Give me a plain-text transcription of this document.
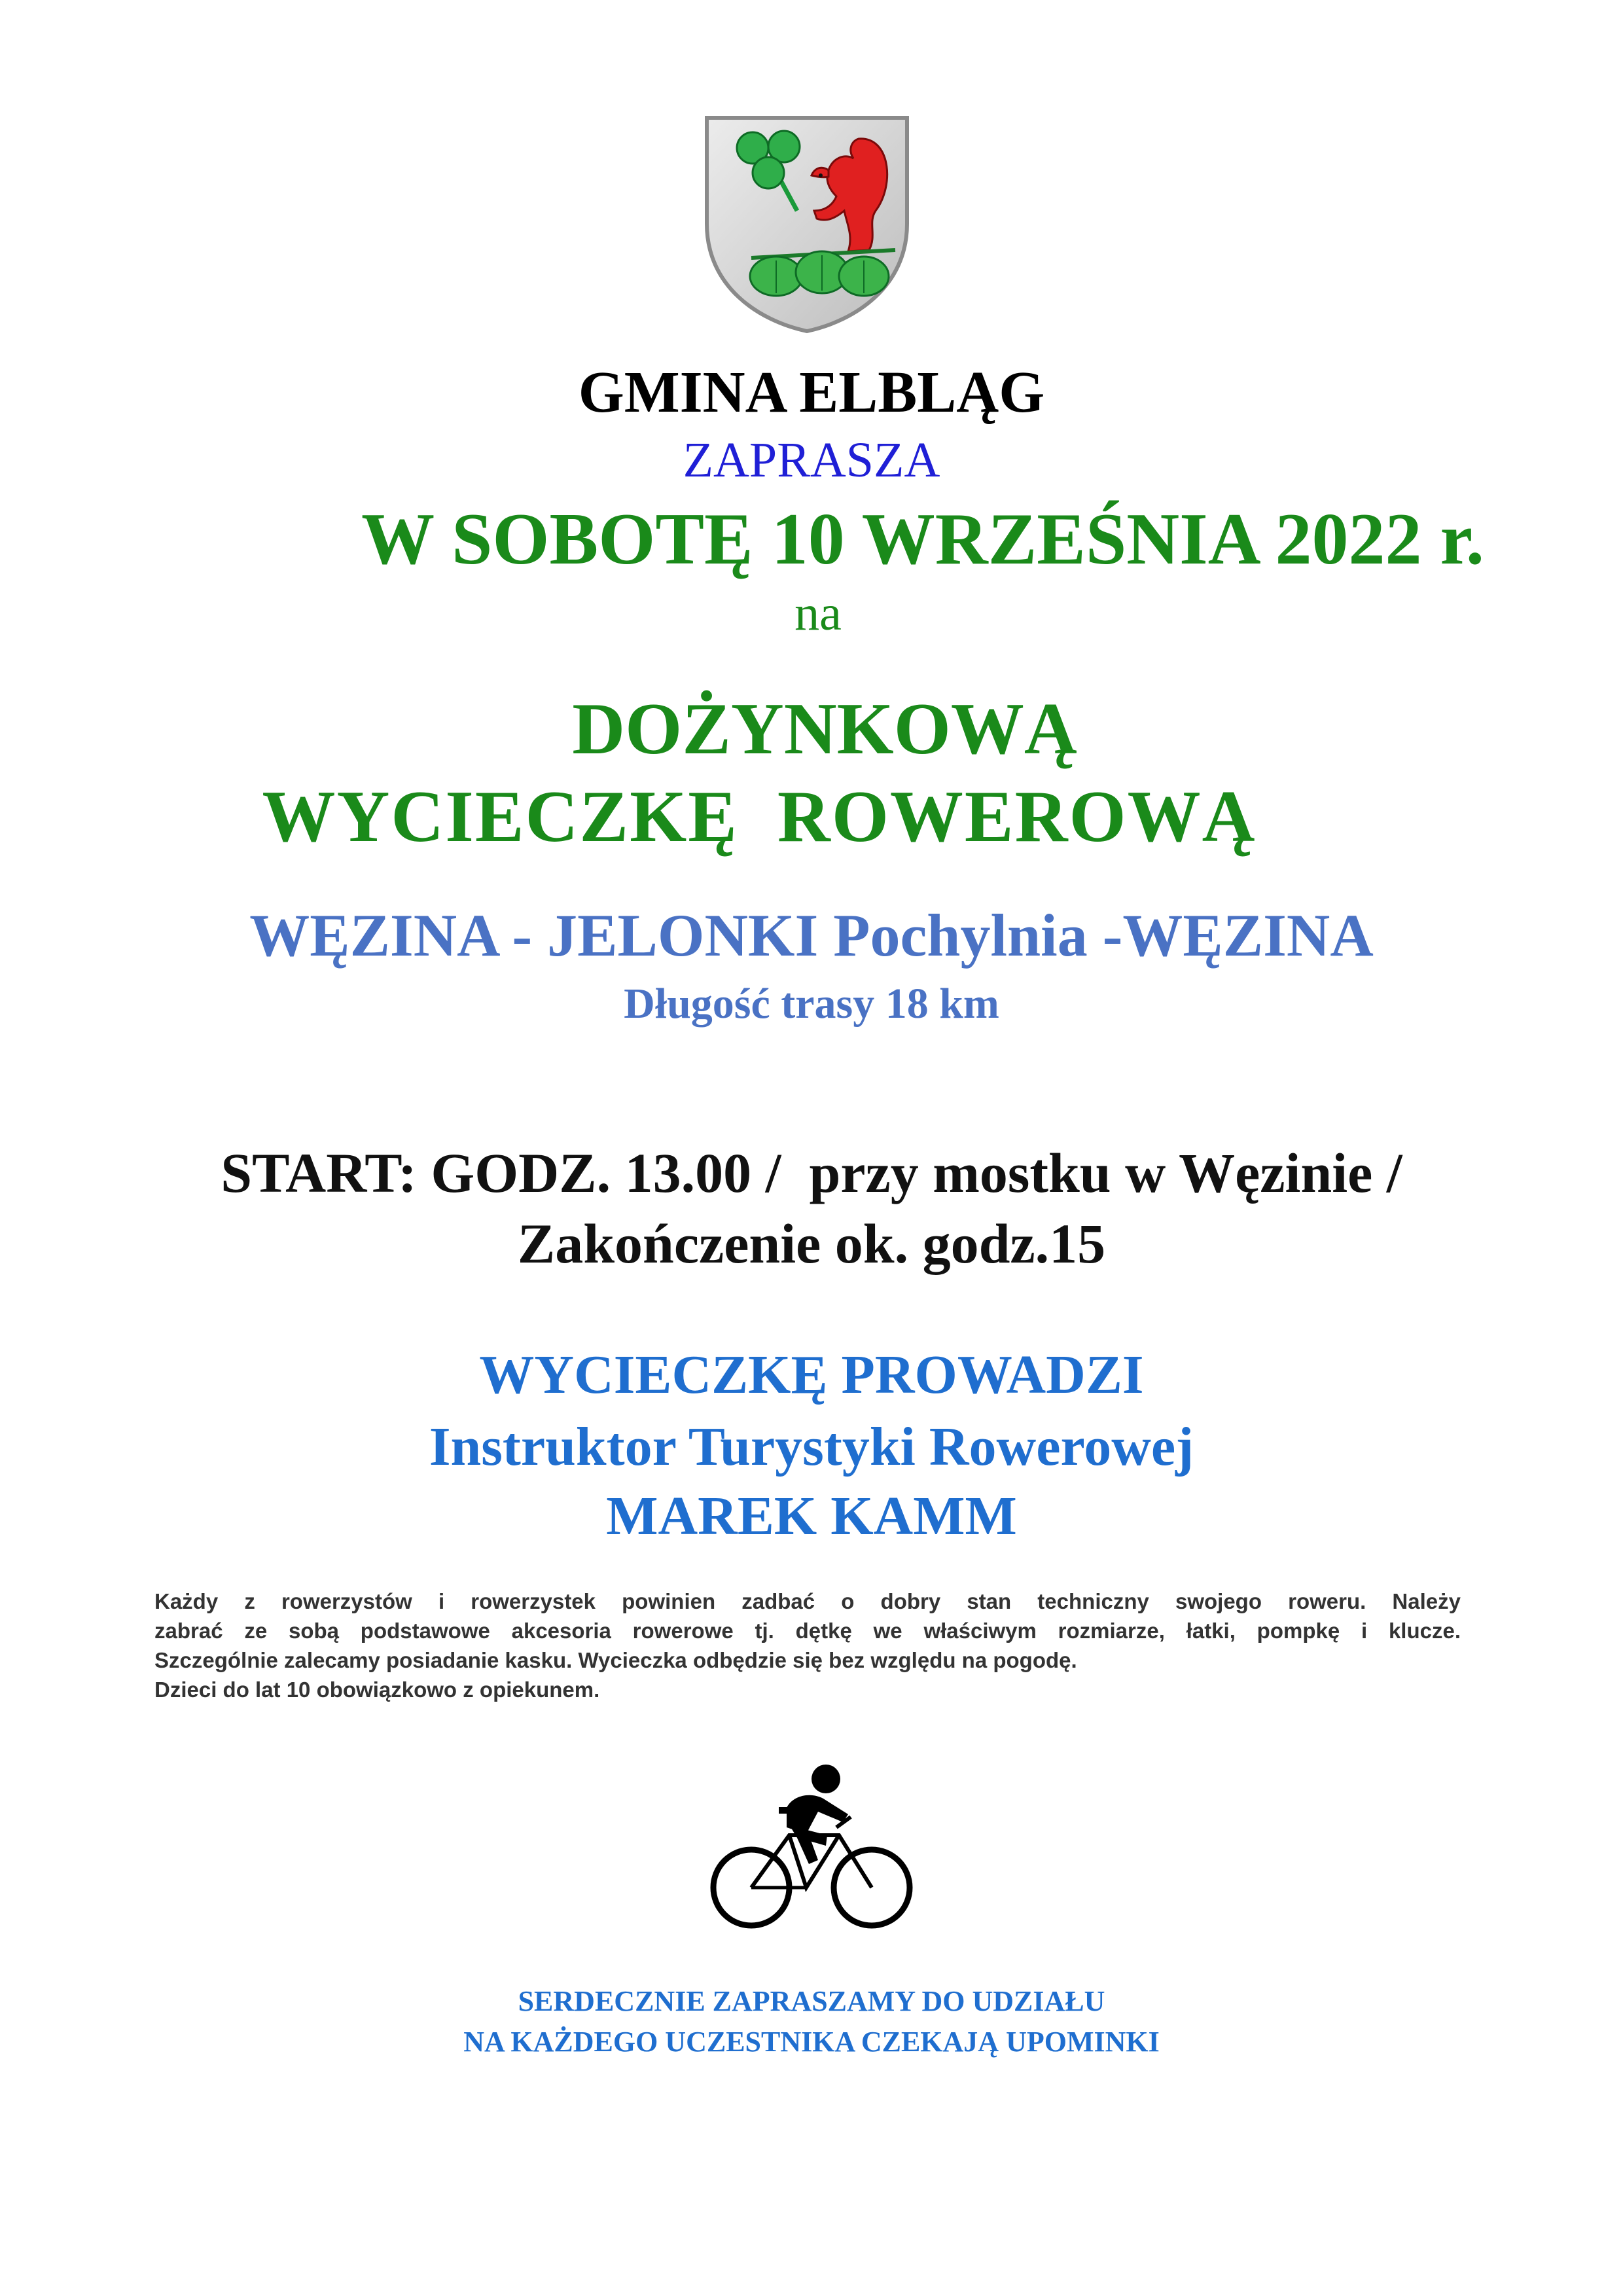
GMINA ELBLĄG
ZAPRASZA
W SOBOTĘ 10 WRZEŚNIA 2022 r.
na
DOŻYNKOWĄ
WYCIECZKĘ  ROWEROWĄ
WĘZINA - JELONKI Pochylnia -WĘZINA
Długość trasy 18 km
START: GODZ. 13.00 /  przy mostku w Węzinie /
Zakończenie ok. godz.15
WYCIECZKĘ PROWADZI
Instruktor Turystyki Rowerowej
MAREK KAMM
Każdy z rowerzystów i rowerzystek powinien zadbać o dobry stan techniczny swojego roweru. Należy
zabrać ze sobą podstawowe akcesoria rowerowe tj. dętkę we właściwym rozmiarze, łatki, pompkę i klucze.
Szczególnie zalecamy posiadanie kasku. Wycieczka odbędzie się bez względu na pogodę.
Dzieci do lat 10 obowiązkowo z opiekunem.
SERDECZNIE ZAPRASZAMY DO UDZIAŁU
NA KAŻDEGO UCZESTNIKA CZEKAJĄ UPOMINKI
